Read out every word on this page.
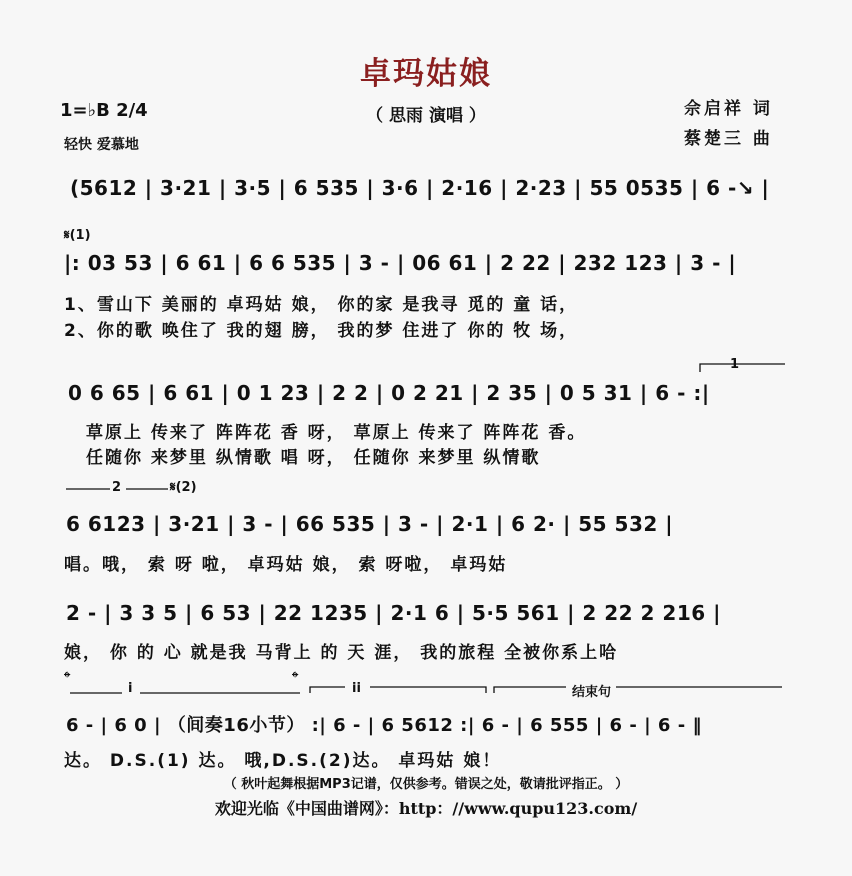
卓玛姑娘
（ 思雨 演唱 ）	佘启祥 词
蔡楚三 曲
1=♭B 2/4
轻快 爱慕地
(5612 | 3·21 | 3·5 | 6 535 | 3·6 | 2·16 | 2·23 | 55 0535 | 6 -↘ |
𝄋(1)
|: 03 53 | 6 61 | 6 6 535 | 3 - | 06 61 | 2 22 | 232 123 | 3 - |
1、雪山下 美丽的 卓玛姑 娘， 你的家 是我寻 觅的 童 话，
2、你的歌 唤住了 我的翅 膀， 我的梦 住进了 你的 牧 场，
1
0 6 65 | 6 61 | 0 1 23 | 2 2 | 0 2 21 | 2 35 | 0 5 31 | 6 - :|
草原上 传来了 阵阵花 香 呀， 草原上 传来了 阵阵花 香。
任随你 来梦里 纵情歌 唱 呀， 任随你 来梦里 纵情歌
2	𝄋(2)
6 6123 | 3·21 | 3 - | 66 535 | 3 - | 2·1 | 6 2· | 55 532 |
唱。哦， 索 呀 啦， 卓玛姑 娘， 索 呀啦， 卓玛姑
2 - | 3 3 5 | 6 53 | 22 1235 | 2·1 6 | 5·5 561 | 2 22 2 216 |
娘， 你 的 心 就是我 马背上 的 天 涯， 我的旅程 全被你系上哈
𝄌	𝄌
i	ii	结束句
6 - | 6 0 | （间奏16小节） :| 6 - | 6 5612 :| 6 - | 6 555 | 6 - | 6 - ‖
达。 D.S.(1) 达。 哦,D.S.(2)达。 卓玛姑 娘！
（ 秋叶起舞根据MP3记谱，仅供参考。错误之处，敬请批评指正。 ）
欢迎光临《中国曲谱网》：http：//www.qupu123.com/
